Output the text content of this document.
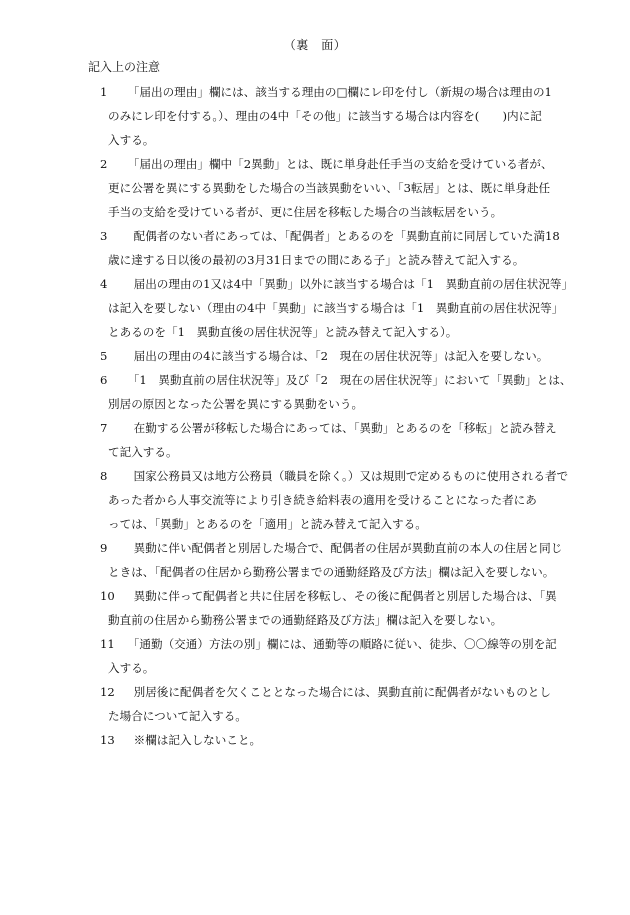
（裏　面）
記入上の注意
1　「届出の理由」欄には、該当する理由の□欄にレ印を付し（新規の場合は理由の1
のみにレ印を付する。）、理由の4中「その他」に該当する場合は内容を(　　)内に記
入する。
2　「届出の理由」欄中「2異動」とは、既に単身赴任手当の支給を受けている者が、
更に公署を異にする異動をした場合の当該異動をいい、「3転居」とは、既に単身赴任
手当の支給を受けている者が、更に住居を移転した場合の当該転居をいう。
3　配偶者のない者にあっては、「配偶者」とあるのを「異動直前に同居していた満18
歳に達する日以後の最初の3月31日までの間にある子」と読み替えて記入する。
4　届出の理由の1又は4中「異動」以外に該当する場合は「1　異動直前の居住状況等」
は記入を要しない（理由の4中「異動」に該当する場合は「1　異動直前の居住状況等」
とあるのを「1　異動直後の居住状況等」と読み替えて記入する）。
5　届出の理由の4に該当する場合は、「2　現在の居住状況等」は記入を要しない。
6　「1　異動直前の居住状況等」及び「2　現在の居住状況等」において「異動」とは、
別居の原因となった公署を異にする異動をいう。
7　在勤する公署が移転した場合にあっては、「異動」とあるのを「移転」と読み替え
て記入する。
8　国家公務員又は地方公務員（職員を除く。）又は規則で定めるものに使用される者で
あった者から人事交流等により引き続き給料表の適用を受けることになった者にあ
っては、「異動」とあるのを「適用」と読み替えて記入する。
9　異動に伴い配偶者と別居した場合で、配偶者の住居が異動直前の本人の住居と同じ
ときは、「配偶者の住居から勤務公署までの通勤経路及び方法」欄は記入を要しない。
10　異動に伴って配偶者と共に住居を移転し、その後に配偶者と別居した場合は、「異
動直前の住居から勤務公署までの通勤経路及び方法」欄は記入を要しない。
11　「通勤（交通）方法の別」欄には、通勤等の順路に従い、徒歩、〇〇線等の別を記
入する。
12　別居後に配偶者を欠くこととなった場合には、異動直前に配偶者がないものとし
た場合について記入する。
13　※欄は記入しないこと。
